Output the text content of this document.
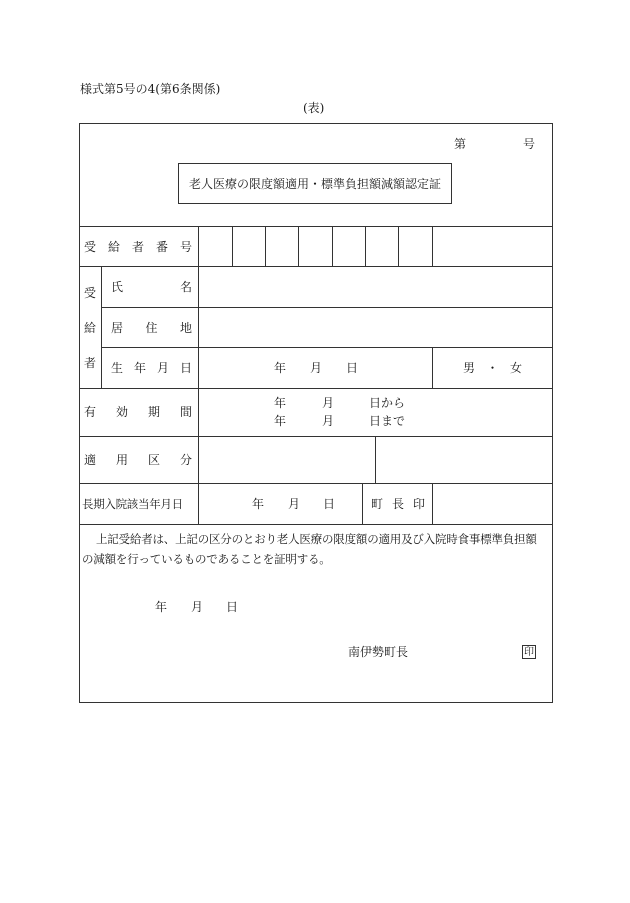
様式第5号の4(第6条関係)
(表)
第	号
老人医療の限度額適用・標準負担額減額認定証
受 給 者 番 号
受
給
者
氏	名
居 住 地
生 年 月 日	年 月 日	男 ・ 女
有 効 期 間
年	月	日から
年	月	日まで
適 用 区 分
長期入院該当年月日	年 月 日	町 長 印
上記受給者は、上記の区分のとおり老人医療の限度額の適用及び入院時食事標準負担額
の減額を行っているものであることを証明する。
年 月 日
南伊勢町長	印
